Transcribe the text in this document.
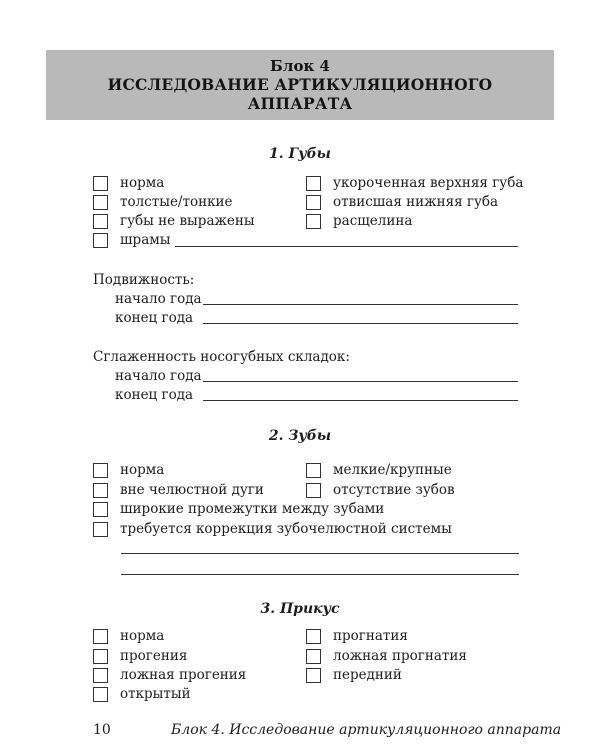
Блок 4
ИССЛЕДОВАНИЕ АРТИКУЛЯЦИОННОГО
АППАРАТА
1. Губы
норма
толстые/тонкие
губы не выражены
шрамы
укороченная верхняя губа
отвисшая нижняя губа
расщелина
Подвижность:
начало года
конец года
Сглаженность носогубных складок:
начало года
конец года
2. Зубы
норма
вне челюстной дуги
широкие промежутки между зубами
требуется коррекция зубочелюстной системы
мелкие/крупные
отсутствие зубов
3. Прикус
норма
прогения
ложная прогения
открытый
прогнатия
ложная прогнатия
передний
10	Блок 4. Исследование артикуляционного аппарата
